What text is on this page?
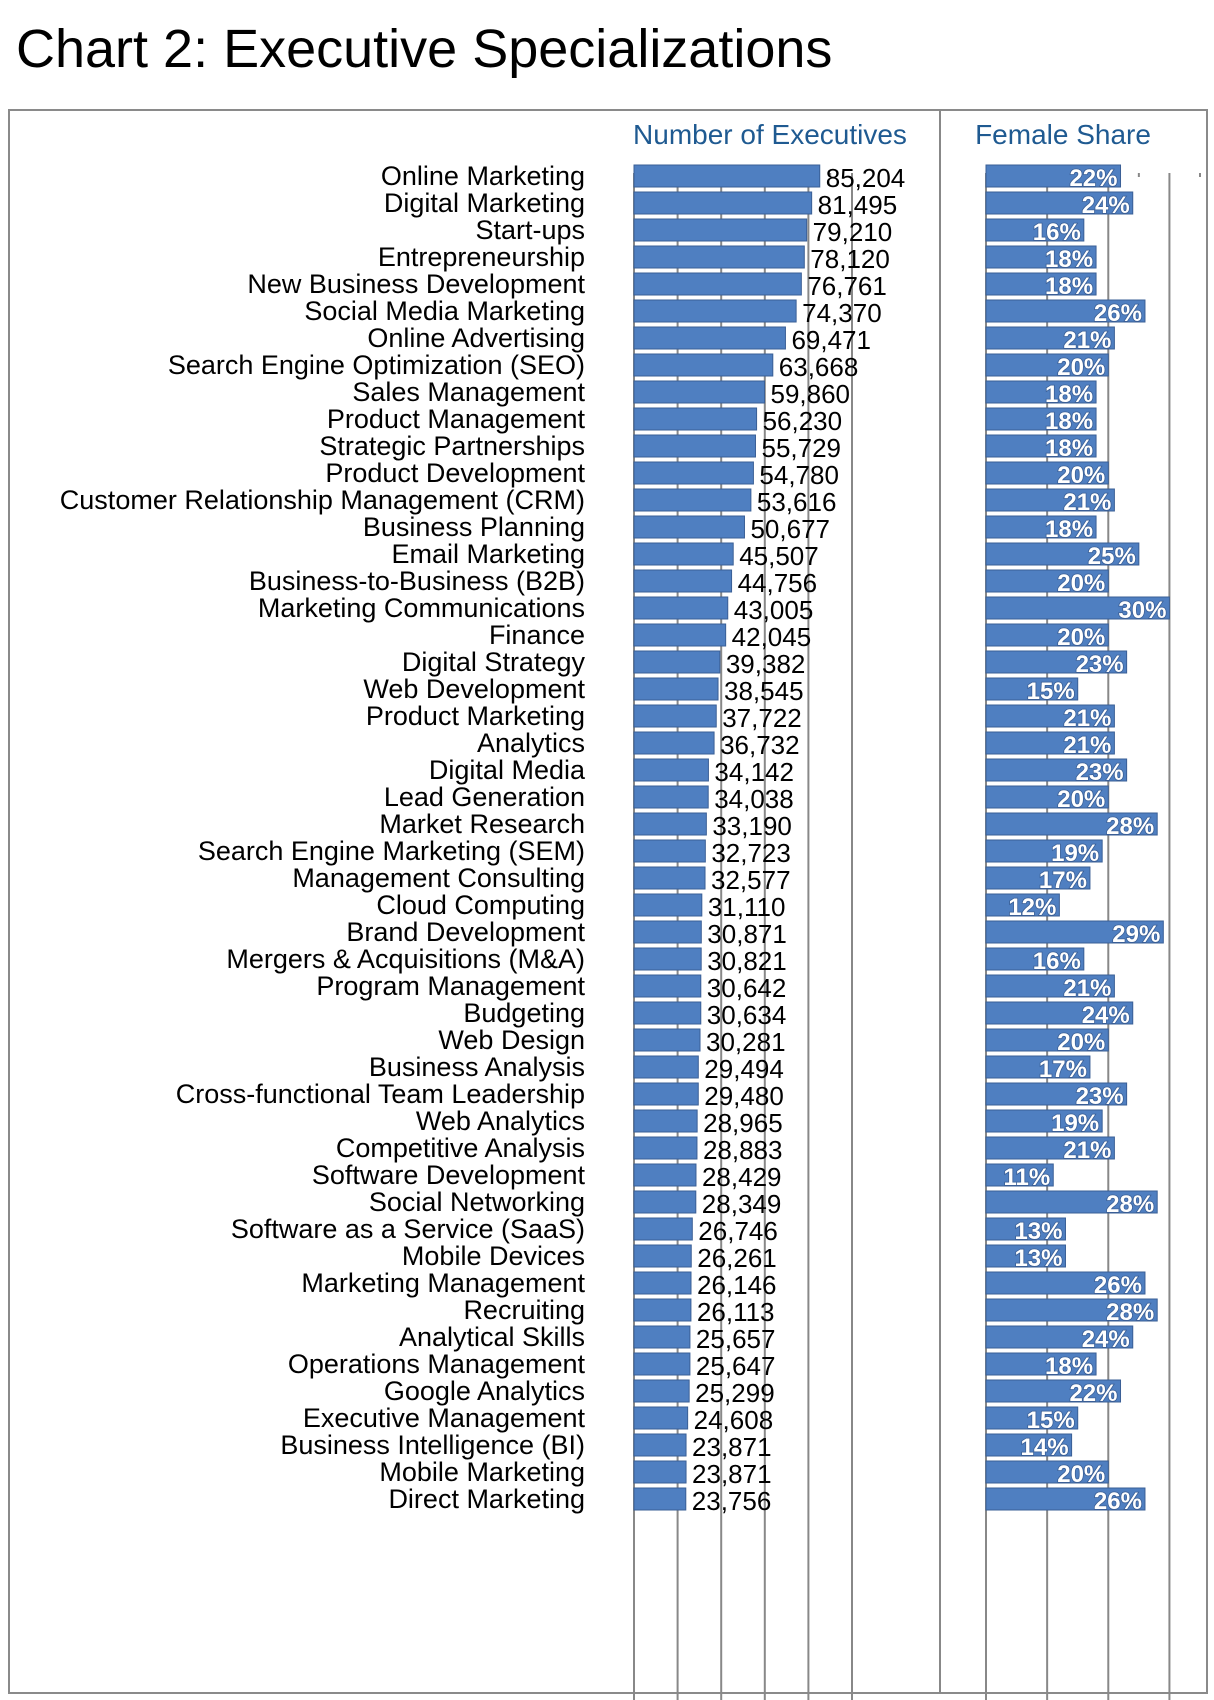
Chart 2: Executive Specializations
Number of Executives Female Share
Online Marketing	85,204	22%
Digital Marketing	81,495	24%
Start-ups	79,210	16%
Entrepreneurship	78,120	18%
New Business Development	76,761	18%
Social Media Marketing	74,370	26%
Online Advertising	69,471	21%
Search Engine Optimization (SEO)	63,668	20%
Sales Management	59,860	18%
Product Management	56,230	18%
Strategic Partnerships	55,729	18%
Product Development	54,780	20%
Customer Relationship Management (CRM)	53,616	21%
Business Planning	50,677	18%
Email Marketing	45,507	25%
Business-to-Business (B2B)	44,756	20%
Marketing Communications	43,005	30%
Finance	42,045	20%
Digital Strategy	39,382	23%
Web Development	38,545	15%
Product Marketing	37,722	21%
Analytics	36,732	21%
Digital Media	34,142	23%
Lead Generation	34,038	20%
Market Research	33,190	28%
Search Engine Marketing (SEM)	32,723	19%
Management Consulting	32,577	17%
Cloud Computing	31,110	12%
Brand Development	30,871	29%
Mergers & Acquisitions (M&A)	30,821	16%
Program Management	30,642	21%
Budgeting	30,634	24%
Web Design	30,281	20%
Business Analysis	29,494	17%
Cross-functional Team Leadership	29,480	23%
Web Analytics	28,965	19%
Competitive Analysis	28,883	21%
Software Development	28,429	11%
Social Networking	28,349	28%
Software as a Service (SaaS)	26,746	13%
Mobile Devices	26,261	13%
Marketing Management	26,146	26%
Recruiting	26,113	28%
Analytical Skills	25,657	24%
Operations Management	25,647	18%
Google Analytics	25,299	22%
Executive Management	24,608	15%
Business Intelligence (BI)	23,871	14%
Mobile Marketing	23,871	20%
Direct Marketing	23,756	26%
